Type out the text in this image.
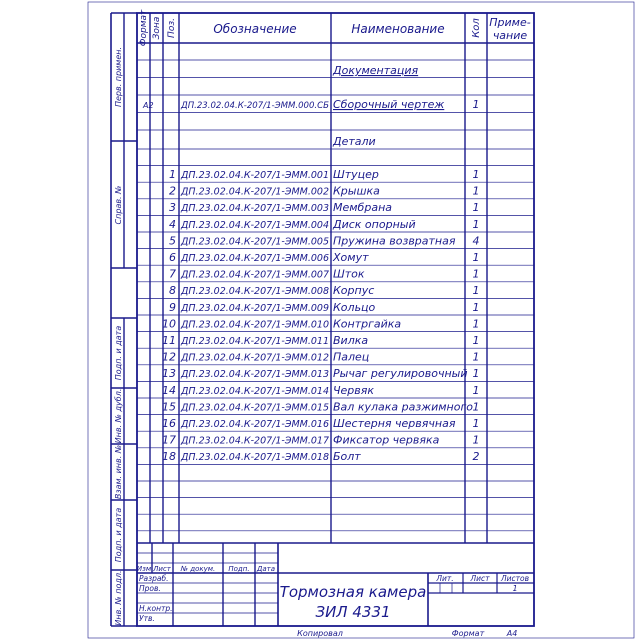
Формат Зона Поз.	Обозначение	Наименование	Кол Приме-
чание
Документация
А2	ДП.23.02.04.К-207/1-ЭММ.000.СБ Сборочный чертеж	1
Детали
1 ДП.23.02.04.К-207/1-ЭММ.001 Штуцер	1
2 ДП.23.02.04.К-207/1-ЭММ.002 Крышка	1
3 ДП.23.02.04.К-207/1-ЭММ.003 Мембрана	1
4 ДП.23.02.04.К-207/1-ЭММ.004 Диск опорный	1
5 ДП.23.02.04.К-207/1-ЭММ.005 Пружина возвратная 4
6 ДП.23.02.04.К-207/1-ЭММ.006 Хомут	1
7 ДП.23.02.04.К-207/1-ЭММ.007 Шток	1
8 ДП.23.02.04.К-207/1-ЭММ.008 Корпус	1
9 ДП.23.02.04.К-207/1-ЭММ.009 Кольцо	1
10 ДП.23.02.04.К-207/1-ЭММ.010 Контргайка	1
11 ДП.23.02.04.К-207/1-ЭММ.011 Вилка	1
12 ДП.23.02.04.К-207/1-ЭММ.012 Палец	1
13 ДП.23.02.04.К-207/1-ЭММ.013 Рычаг регулировочный 1
14 ДП.23.02.04.К-207/1-ЭММ.014 Червяк	1
15 ДП.23.02.04.К-207/1-ЭММ.015 Вал кулака разжимного 1
16 ДП.23.02.04.К-207/1-ЭММ.016 Шестерня червячная 1
17 ДП.23.02.04.К-207/1-ЭММ.017 Фиксатор червяка	1
18 ДП.23.02.04.К-207/1-ЭММ.018 Болт	2
Перв. примен.
Справ. №
Подп. и дата
Инв. № дубл.
Взам. инв. №
Подп. и дата
Инв. № подл.
Изм Лист № докум. Подп. Дата
Разраб.
Пров.
Н.контр.
Утв.
Тормозная камера
ЗИЛ 4331
Лит. Лист Листов
1
Копировал	Формат	А4
